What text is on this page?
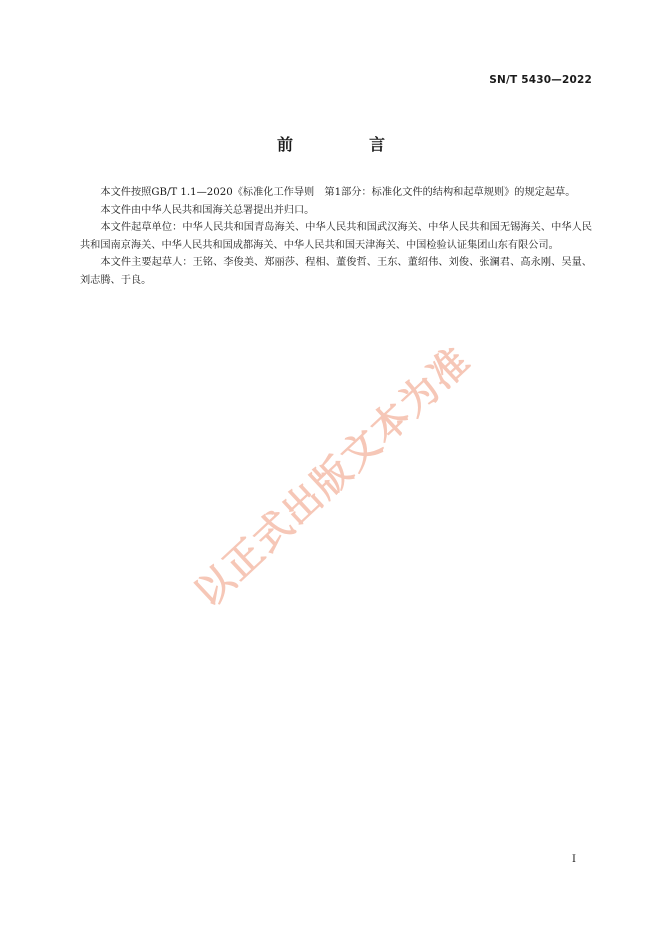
SN/T 5430—2022
前　言

本文件按照GB/T 1.1—2020《标准化工作导则　第1部分：标准化文件的结构和起草规则》的规定起草。

本文件由中华人民共和国海关总署提出并归口。

本文件起草单位：中华人民共和国青岛海关、中华人民共和国武汉海关、中华人民共和国无锡海关、中华人民共和国南京海关、中华人民共和国成都海关、中华人民共和国天津海关、中国检验认证集团山东有限公司。

本文件主要起草人：王铭、李俊美、郑丽莎、程相、董俊哲、王东、董绍伟、刘俊、张澜君、高永刚、吴量、刘志腾、于良。

以正式出版文本为准
I
